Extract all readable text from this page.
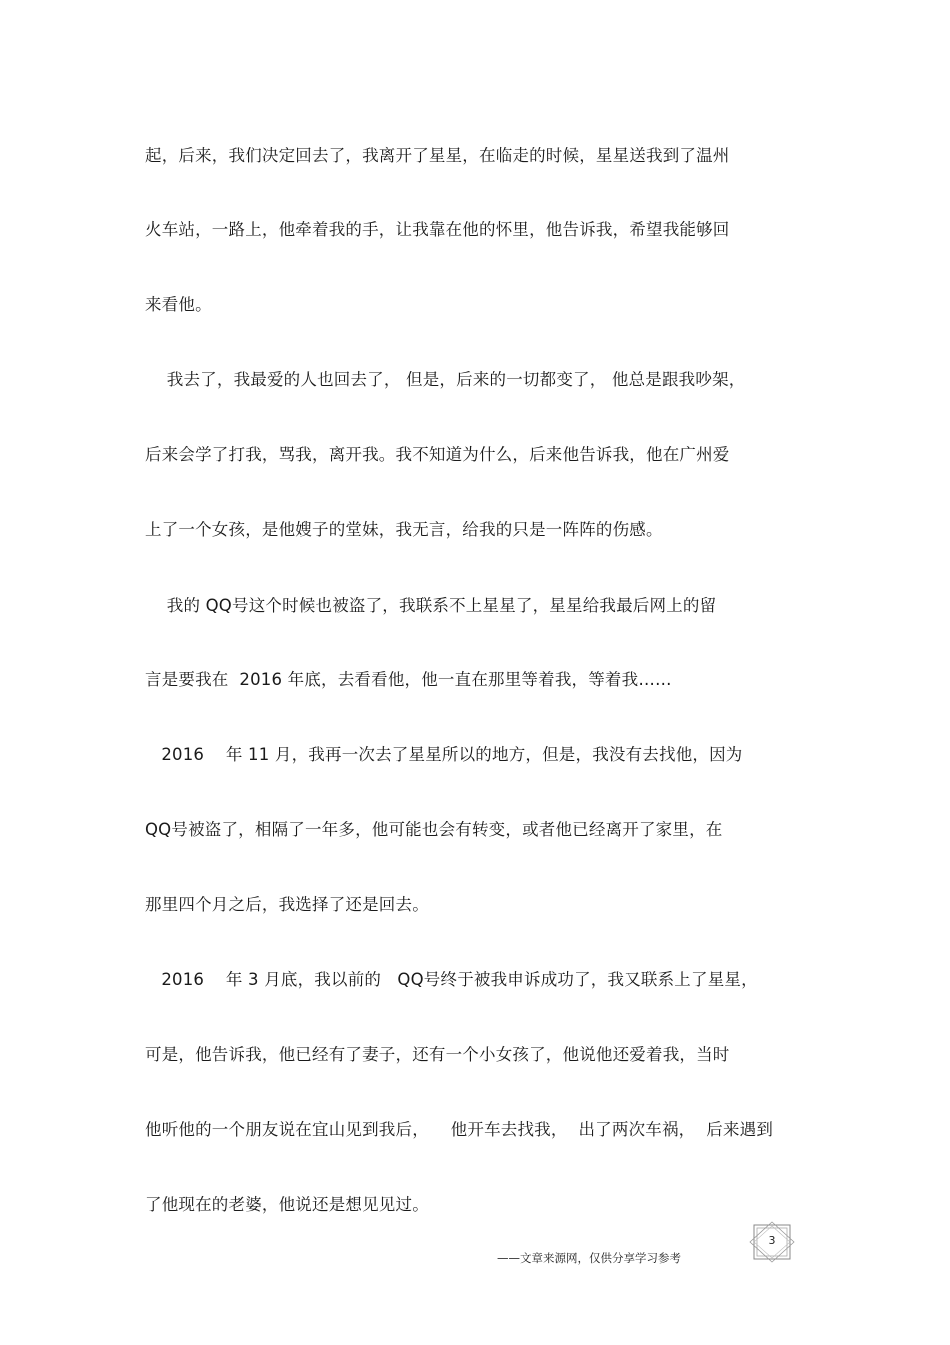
起，后来，我们决定回去了，我离开了星星，在临走的时候，星星送我到了温州
火车站，一路上，他牵着我的手，让我靠在他的怀里，他告诉我，希望我能够回
来看他。
我去了，我最爱的人也回去了， 但是，后来的一切都变了， 他总是跟我吵架，
后来会学了打我，骂我，离开我。我不知道为什么，后来他告诉我，他在广州爱
上了一个女孩，是他嫂子的堂妹，我无言，给我的只是一阵阵的伤感。
我的 QQ号这个时候也被盗了，我联系不上星星了，星星给我最后网上的留
言是要我在  2016 年底，去看看他，他一直在那里等着我，等着我……
2016    年 11 月，我再一次去了星星所以的地方，但是，我没有去找他，因为
QQ号被盗了，相隔了一年多，他可能也会有转变，或者他已经离开了家里，在
那里四个月之后，我选择了还是回去。
2016    年 3 月底，我以前的   QQ号终于被我申诉成功了，我又联系上了星星，
可是，他告诉我，他已经有了妻子，还有一个小女孩了，他说他还爱着我，当时
他听他的一个朋友说在宜山见到我后，    他开车去找我，  出了两次车祸，  后来遇到
了他现在的老婆，他说还是想见见过。
3
——文章来源网，仅供分享学习参考
